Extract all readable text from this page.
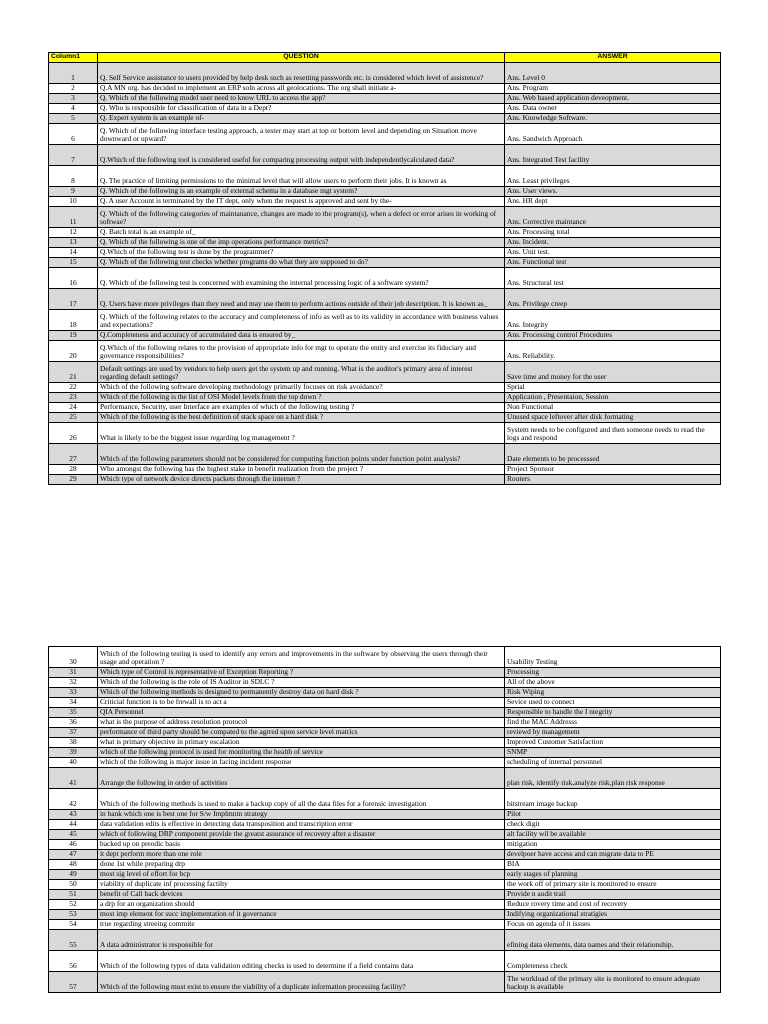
Column1	QUESTION	ANSWER
1	Q. Self Service assistance to users provided by help desk such as resetting passwords etc. is considered which level of assistence?	Ans. Level 0
2	Q.A MN org. has decided to implement an ERP soln across all geolocations. The org shall initiate a-	Ans. Program
3	Q. Which of the following model user need to know URL to access the app?	Ans. Web based application deveopment.
4	Q. Who is responsible for classification of data in a Dept?	Ans. Data owner
5	Q. Expert system is an example of-	Ans. Knowledge Software.
6	Q. Which of the following interface testing approach, a tester may start at top or bottom level and depending on Situation move downward or upward?	Ans. Sandwich Approach
7	Q.Which of the following tool is considered useful for comparing processing output with independentlycalculated data?	Ans. Integrated Test facility
8	Q. The practice of limiting permissions to the minimal level that will allow users to perform their jobs. It is known as	Ans. Least privileges
9	Q. Which of the following is an example of external schema in a database mgt system?	Ans. User views.
10	Q. A user Account is terminated by the IT dept, only when the request is approved and sent by the-	Ans. HR dept
11	Q. Which of the following categories of maintanance, changes are made to the program(s), when a defect or error arises in working of softwae?	Ans. Corrective maintance
12	Q. Batch total is an example of_	Ans. Processing total
13	Q. Which of the following is one of the imp operations performance metrics?	Ans. Incident.
14	Q.Which of the following test is done by the programmer?	Ans. Unit test.
15	Q. Which of the following test checks whether programs do what they are supposed to do?	Ans. Functional test
16	Q. Which of the following test is concerned with examining the internal processing logic of a software system?	Ans. Structural test
17	Q. Users have more privileges than they need and may use them to perform actions outside of their job description. It is known as_	Ans. Privilege creep
18	Q. Which of the following relates to the accuracy and completeness of info as well as to its validity in accordance with business values and expectations?	Ans. Integrity
19	Q.Completeness and accuracy of accumulated data is ensured by_	Ans. Processing control Procedures
20	Q.Which of the following relates to the provision of appropriate info for mgt to operate the entity and exercise its fiduciary and governance responsibilities?	Ans. Reliability.
21	Default settings are used by vendors to help users get the system up and running. What is the auditor's primary area of interest regarding default settings?	Save time and money for the user
22	Which of the following software developing methodology primarily focuses on risk avoidance?	Sprial
23	Which of the following is the list of OSI Model levels from the top down ?	Application , Presentaion, Session
24	Performance, Security, user Interface are examples of which of the following testing ?	Non Functional
25	Which of the following is the best definition of stack space on a hard disk ?	Unused space leftover after disk formating
26	What is likely to be the biggest issue regarding log management ?	System needs to be configured and then someone needs to read the logs and respond
27	Which of the following parameters should not be considered for computing function points under function point analysis?	Date elements to be processsed
28	Who amongst the following has the highest stake in benefit realization from the project ?	Project Sponsor
29	Which type of network device directs packets through the internet ?	Routers
30	Which of the following testing is used to identify any errors and improvements in the software by observing the users through their usage and operation ?	Usability Testing
31	Which type of Control is representative of Exception Reporting ?	Processing
32	Which of the following is the role of IS Auditor in SDLC ?	All of the above
33	Which of the following methods is designed to permanently destroy data on hard disk ?	Risk Wiping
34	Criticial function is to be frewall is to act a	Sevice used to connect
35	QIA Personnel	Responsible to handle the I ntegrity
36	what is the purpose of address resolution protocol	find the MAC Addresss
37	performance of third party should be compated to the agrred upon service level matrics	reviewd by management
38	what is primary objective in primary escalation	Improved Customer Satisfaction
39	which of the following protocol is used for monitoring the health of service	SNMP
40	which of the following is major issue in facing incident response	scheduling of internal personnel
41	Arrange the following in order of activities	plan risk, identify risk,analyze risk,plan risk response
42	Which of the following methods is used to make a backup copy of all the data files for a forensic investigation	bitstream image backup
43	in bank which one is best one for S/w Implmntn strategy	Pilot
44	data validation edits is effective in detecting data transposition and transcription error	check digit
45	which of following DRP component provide the greatst assurance of recovery after a disaster	alt facility wil be available
46	backed up on preodic basis	mitigation
47	it dept perform more than one role	develpoer have access and can migrate data to PE
48	done 1st while preparing drp	BIA
49	most sig level of effort for bcp	early stages of planning
50	viability of duplicate inf processing factilty	the work off of primary site is monitored to ensure
51	benefit of Call back devices	Provide n audit trail
52	a drp for an organization should	Reduce rovery time and cost of recovery
53	most imp element for succ implementation of it governance	Indifying organizational stratigies
54	true regarding streeing commite	Focus on agenda of it issues
55	A data administrator is responsible for	efining data elements, data names and their relationship.
56	Which of the following types of data validation editing checks is used to determine if a field contains data	Completeness check
57	Which of the following must exist to ensure the viability of a duplicate information processing facility?	The workload of the primary site is monitored to ensure adequate backup is available
